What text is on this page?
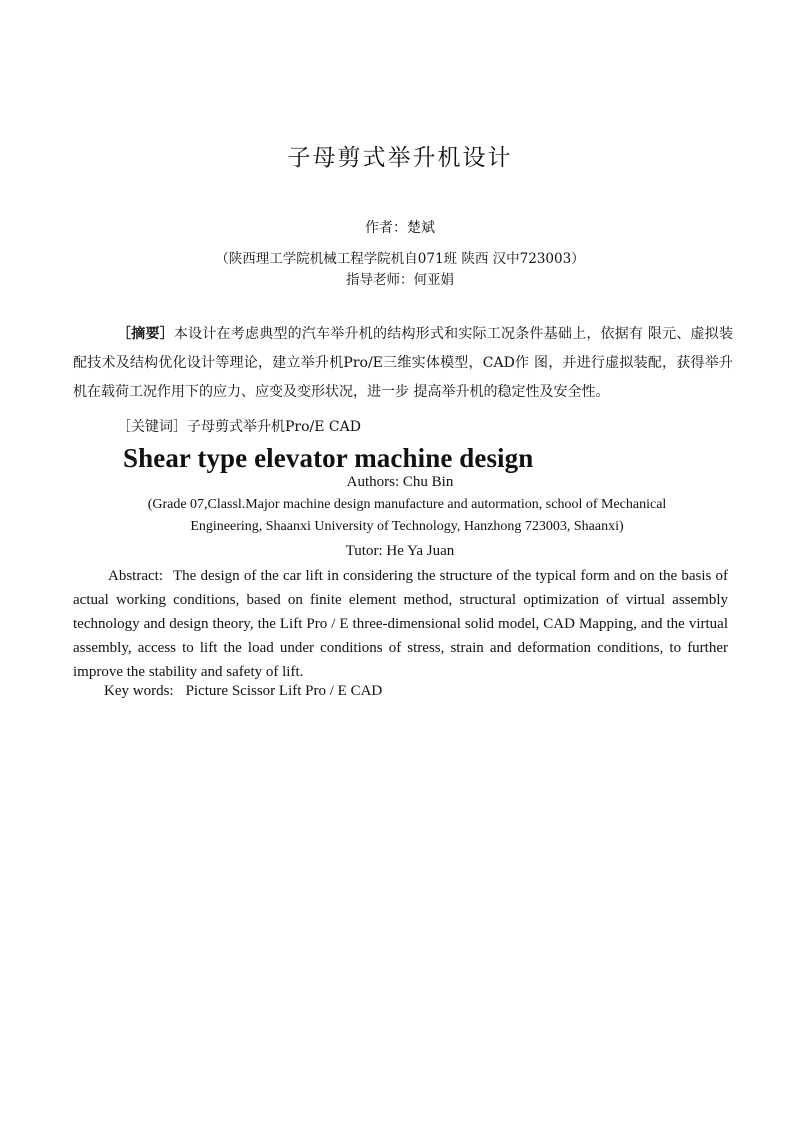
子母剪式举升机设计
作者：楚斌
（陕西理工学院机械工程学院机自071班 陕西 汉中723003）
指导老师：何亚娟
［摘要］本设计在考虑典型的汽车举升机的结构形式和实际工况条件基础上，依据有 限元、虚拟装配技术及结构优化设计等理论，建立举升机Pro/E三维实体模型，CAD作 图，并进行虚拟装配，获得举升机在载荷工况作用下的应力、应变及变形状况，进一步 提高举升机的稳定性及安全性。
［关键词］子母剪式举升机Pro/E CAD
Shear type elevator machine design
Authors: Chu Bin
(Grade 07,Classl.Major machine design manufacture and autormation, school of Mechanical
Engineering, Shaanxi University of Technology, Hanzhong 723003, Shaanxi)
Tutor: He Ya Juan
Abstract: The design of the car lift in considering the structure of the typical form and on the basis of actual working conditions, based on finite element method, structural optimization of virtual assembly technology and design theory, the Lift Pro / E three-dimensional solid model, CAD Mapping, and the virtual assembly, access to lift the load under conditions of stress, strain and deformation conditions, to further improve the stability and safety of lift.
Key words: Picture Scissor Lift Pro / E CAD
